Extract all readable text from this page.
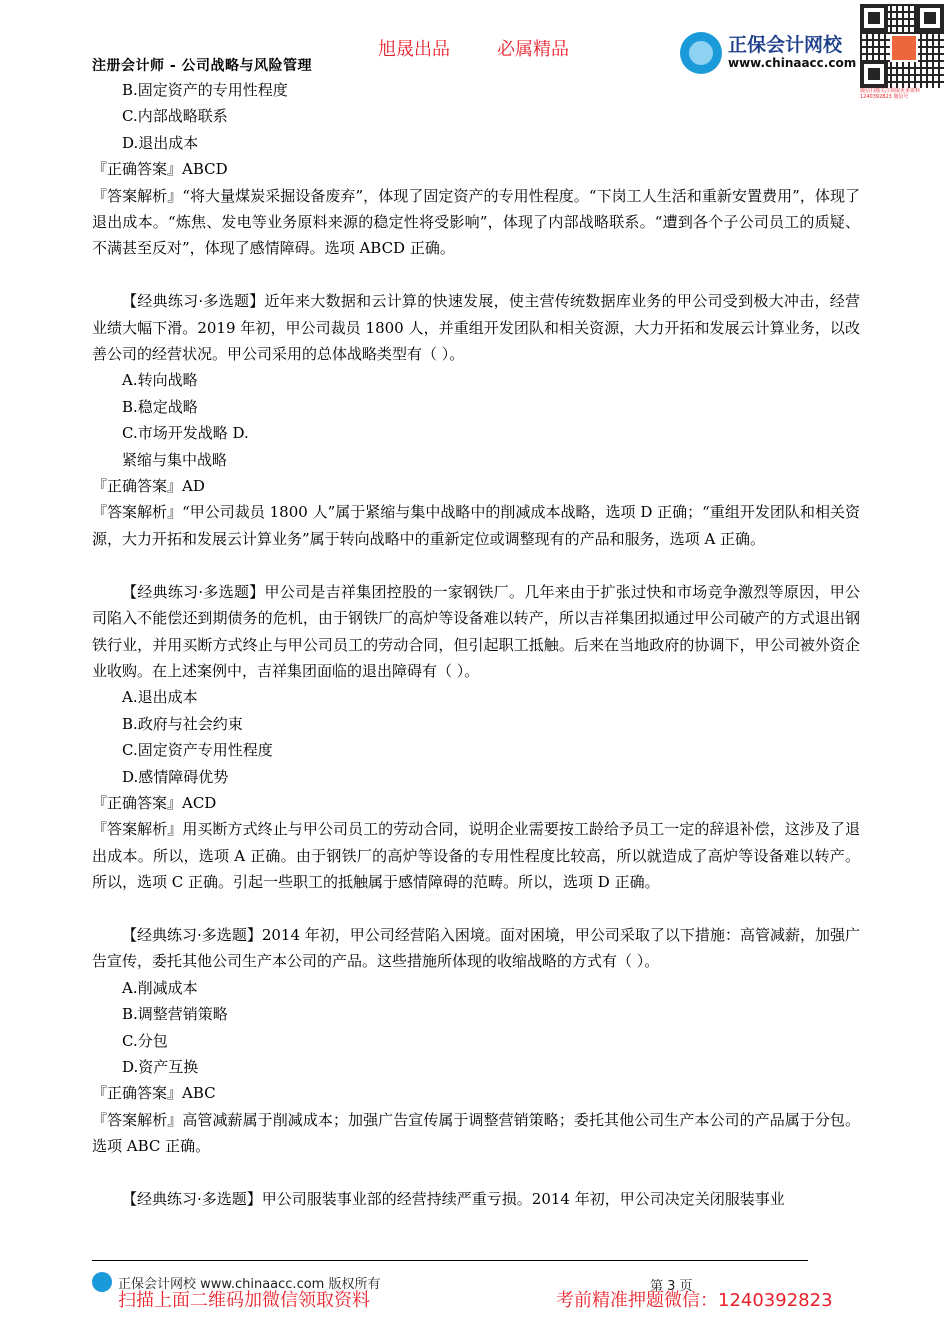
注册会计师 - 公司战略与风险管理
旭晟出品	必属精品	正保会计网校
www.chinaacc.com
微信扫描关注领取更多资料 1240392823 微信号

B.固定资产的专用性程度

C.内部战略联系

D.退出成本

『正确答案』ABCD

『答案解析』“将大量煤炭采掘设备废弃”，体现了固定资产的专用性程度。“下岗工人生活和重新安置费用”，体现了退出成本。“炼焦、发电等业务原料来源的稳定性将受影响”，体现了内部战略联系。“遭到各个子公司员工的质疑、不满甚至反对”，体现了感情障碍。选项 ABCD 正确。

【经典练习·多选题】近年来大数据和云计算的快速发展，使主营传统数据库业务的甲公司受到极大冲击，经营业绩大幅下滑。2019 年初，甲公司裁员 1800 人，并重组开发团队和相关资源，大力开拓和发展云计算业务，以改善公司的经营状况。甲公司采用的总体战略类型有（ ）。

A.转向战略

B.稳定战略

C.市场开发战略 D.

紧缩与集中战略

『正确答案』AD

『答案解析』“甲公司裁员 1800 人”属于紧缩与集中战略中的削减成本战略，选项 D 正确；“重组开发团队和相关资源，大力开拓和发展云计算业务”属于转向战略中的重新定位或调整现有的产品和服务，选项 A 正确。

【经典练习·多选题】甲公司是吉祥集团控股的一家钢铁厂。几年来由于扩张过快和市场竞争激烈等原因，甲公司陷入不能偿还到期债务的危机，由于钢铁厂的高炉等设备难以转产，所以吉祥集团拟通过甲公司破产的方式退出钢铁行业，并用买断方式终止与甲公司员工的劳动合同，但引起职工抵触。后来在当地政府的协调下，甲公司被外资企业收购。在上述案例中，吉祥集团面临的退出障碍有（ ）。

A.退出成本

B.政府与社会约束

C.固定资产专用性程度

D.感情障碍优势

『正确答案』ACD

『答案解析』用买断方式终止与甲公司员工的劳动合同，说明企业需要按工龄给予员工一定的辞退补偿，这涉及了退出成本。所以，选项 A 正确。由于钢铁厂的高炉等设备的专用性程度比较高，所以就造成了高炉等设备难以转产。所以，选项 C 正确。引起一些职工的抵触属于感情障碍的范畴。所以，选项 D 正确。

【经典练习·多选题】2014 年初，甲公司经营陷入困境。面对困境，甲公司采取了以下措施：高管减薪，加强广告宣传，委托其他公司生产本公司的产品。这些措施所体现的收缩战略的方式有（ ）。

A.削减成本

B.调整营销策略

C.分包

D.资产互换

『正确答案』ABC

『答案解析』高管减薪属于削减成本；加强广告宣传属于调整营销策略；委托其他公司生产本公司的产品属于分包。选项 ABC 正确。

【经典练习·多选题】甲公司服装事业部的经营持续严重亏损。2014 年初，甲公司决定关闭服装事业

正保会计网校 www.chinaacc.com 版权所有	第 3 页
扫描上面二维码加微信领取资料	考前精准押题微信：1240392823
